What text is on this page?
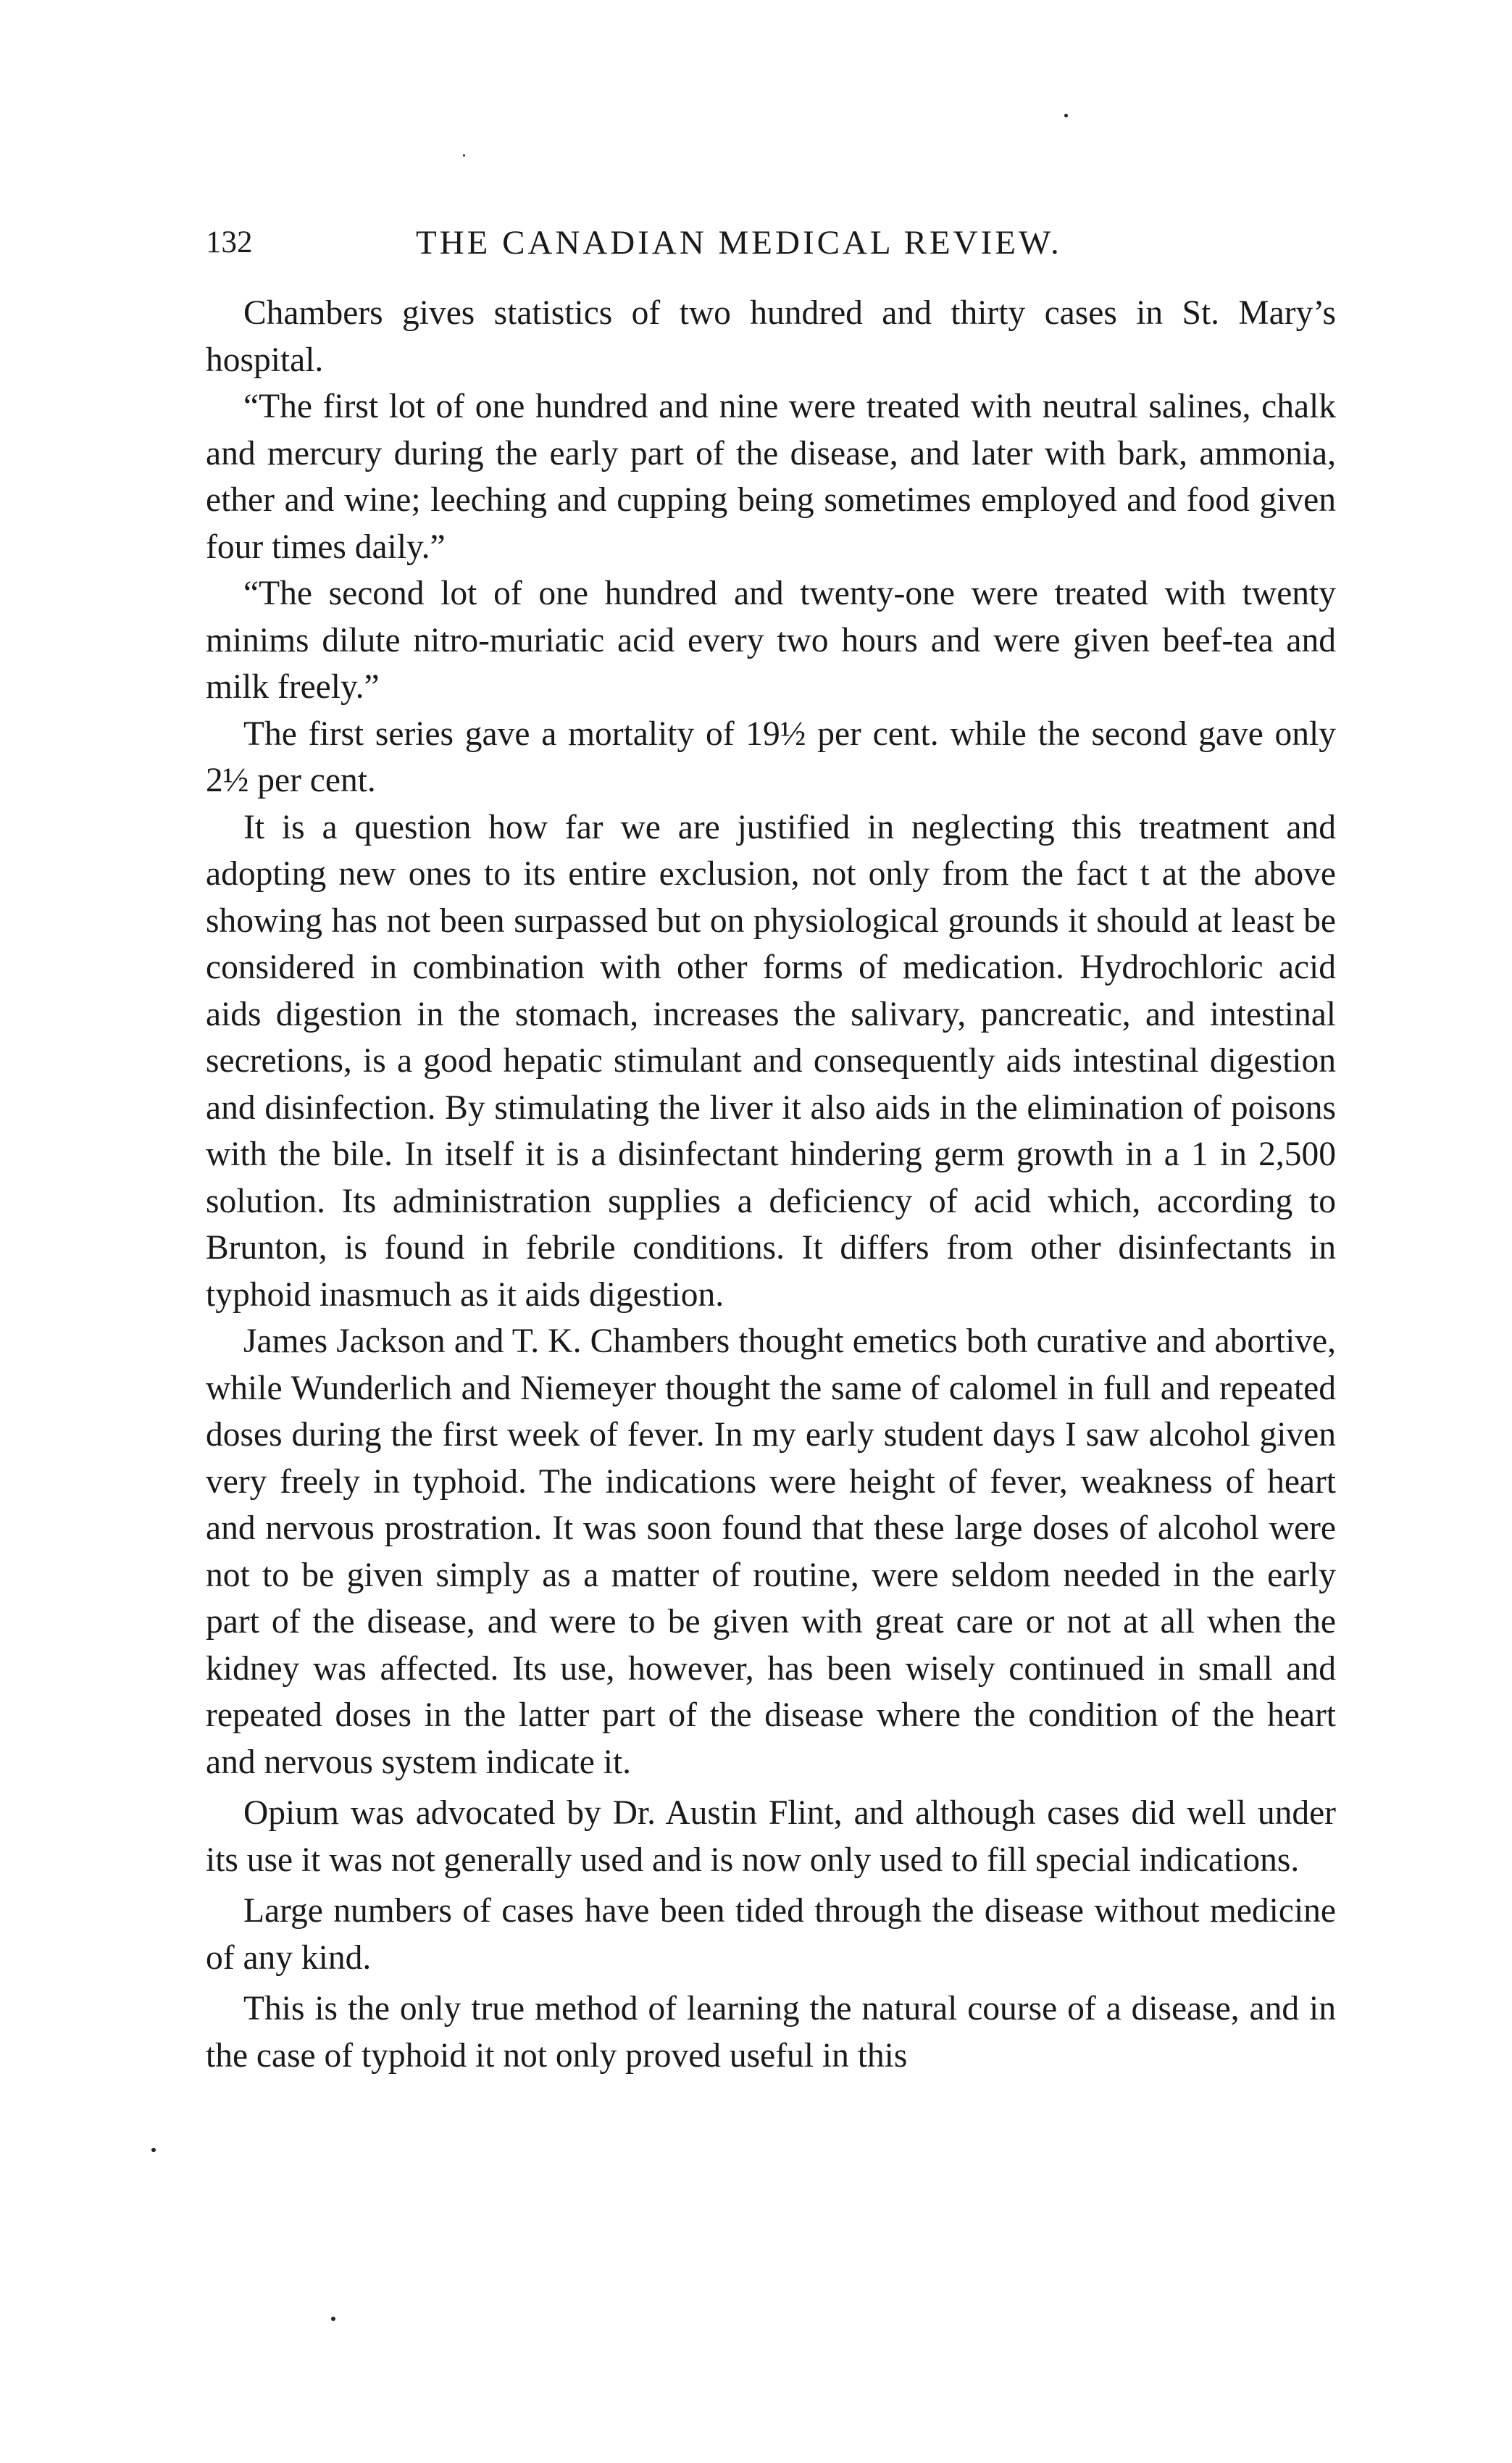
132	THE CANADIAN MEDICAL REVIEW.

Chambers gives statistics of two hundred and thirty cases in St. Mary’s hospital.

“The first lot of one hundred and nine were treated with neutral salines, chalk and mercury during the early part of the disease, and later with bark, ammonia, ether and wine; leeching and cupping being sometimes employed and food given four times daily.”

“The second lot of one hundred and twenty-one were treated with twenty minims dilute nitro-muriatic acid every two hours and were given beef-tea and milk freely.”

The first series gave a mortality of 19½ per cent. while the second gave only 2½ per cent.

It is a question how far we are justified in neglecting this treatment and adopting new ones to its entire exclusion, not only from the fact t at the above showing has not been surpassed but on physiological grounds it should at least be considered in combination with other forms of medication. Hydrochloric acid aids digestion in the stomach, increases the salivary, pancreatic, and intestinal secretions, is a good hepatic stimulant and consequently aids intestinal digestion and disinfection. By stimulating the liver it also aids in the elimination of poisons with the bile. In itself it is a disinfectant hindering germ growth in a 1 in 2,500 solution. Its administration supplies a deficiency of acid which, according to Brunton, is found in febrile conditions. It differs from other disinfectants in typhoid inasmuch as it aids digestion.

James Jackson and T. K. Chambers thought emetics both curative and abortive, while Wunderlich and Niemeyer thought the same of calomel in full and repeated doses during the first week of fever. In my early student days I saw alcohol given very freely in typhoid. The indications were height of fever, weakness of heart and nervous prostration. It was soon found that these large doses of alcohol were not to be given simply as a matter of routine, were seldom needed in the early part of the disease, and were to be given with great care or not at all when the kidney was affected. Its use, however, has been wisely continued in small and repeated doses in the latter part of the disease where the condition of the heart and nervous system indicate it.

Opium was advocated by Dr. Austin Flint, and although cases did well under its use it was not generally used and is now only used to fill special indications.

Large numbers of cases have been tided through the disease without medicine of any kind.

This is the only true method of learning the natural course of a disease, and in the case of typhoid it not only proved useful in this
